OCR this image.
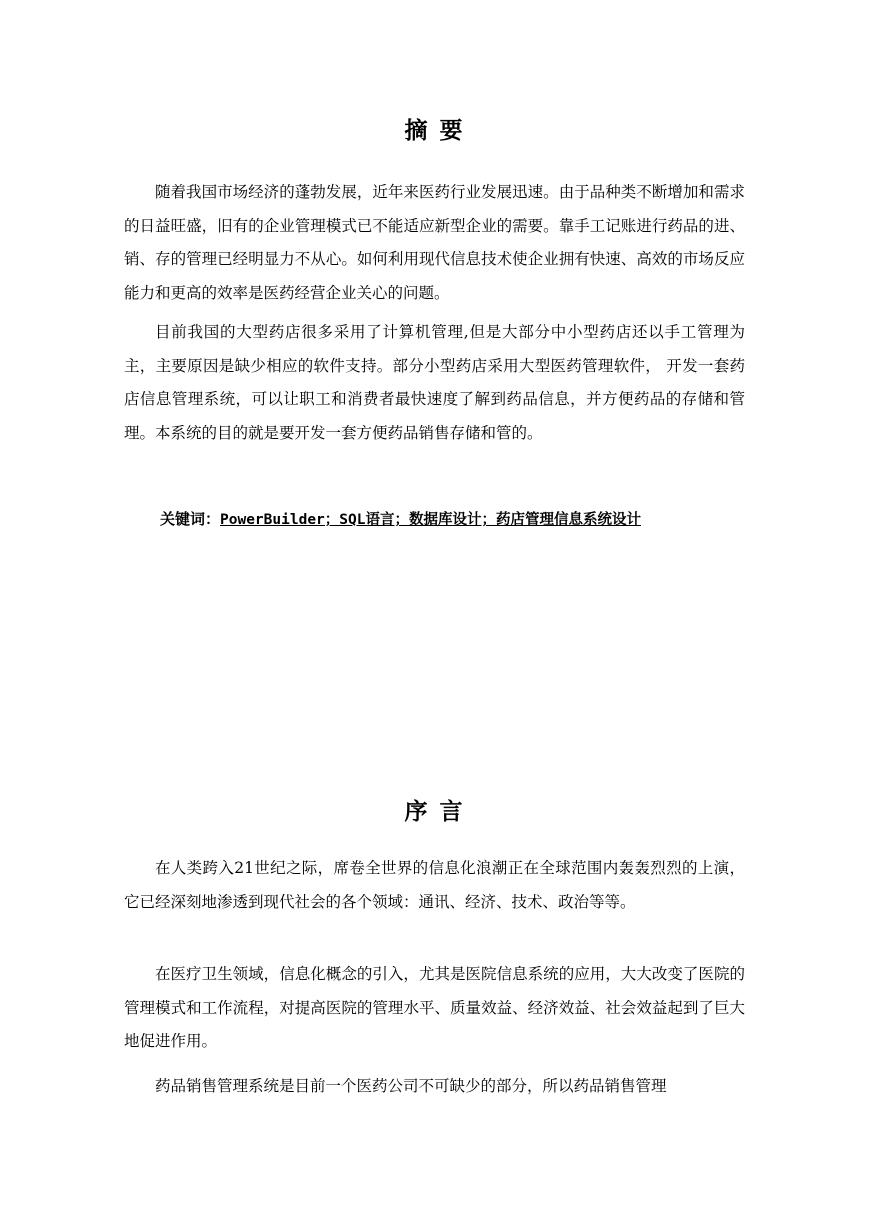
摘 要

随着我国市场经济的蓬勃发展，近年来医药行业发展迅速。由于品种类不断增加和需求的日益旺盛，旧有的企业管理模式已不能适应新型企业的需要。靠手工记账进行药品的进、销、存的管理已经明显力不从心。如何利用现代信息技术使企业拥有快速、高效的市场反应能力和更高的效率是医药经营企业关心的问题。

目前我国的大型药店很多采用了计算机管理,但是大部分中小型药店还以手工管理为主，主要原因是缺少相应的软件支持。部分小型药店采用大型医药管理软件， 开发一套药店信息管理系统，可以让职工和消费者最快速度了解到药品信息，并方便药品的存储和管理。本系统的目的就是要开发一套方便药品销售存储和管的。

关键词：PowerBuilder；SQL语言；数据库设计；药店管理信息系统设计
序 言

在人类跨入21世纪之际，席卷全世界的信息化浪潮正在全球范围内轰轰烈烈的上演，它已经深刻地渗透到现代社会的各个领域：通讯、经济、技术、政治等等。

在医疗卫生领域，信息化概念的引入，尤其是医院信息系统的应用，大大改变了医院的管理模式和工作流程，对提高医院的管理水平、质量效益、经济效益、社会效益起到了巨大地促进作用。

药品销售管理系统是目前一个医药公司不可缺少的部分，所以药品销售管理
